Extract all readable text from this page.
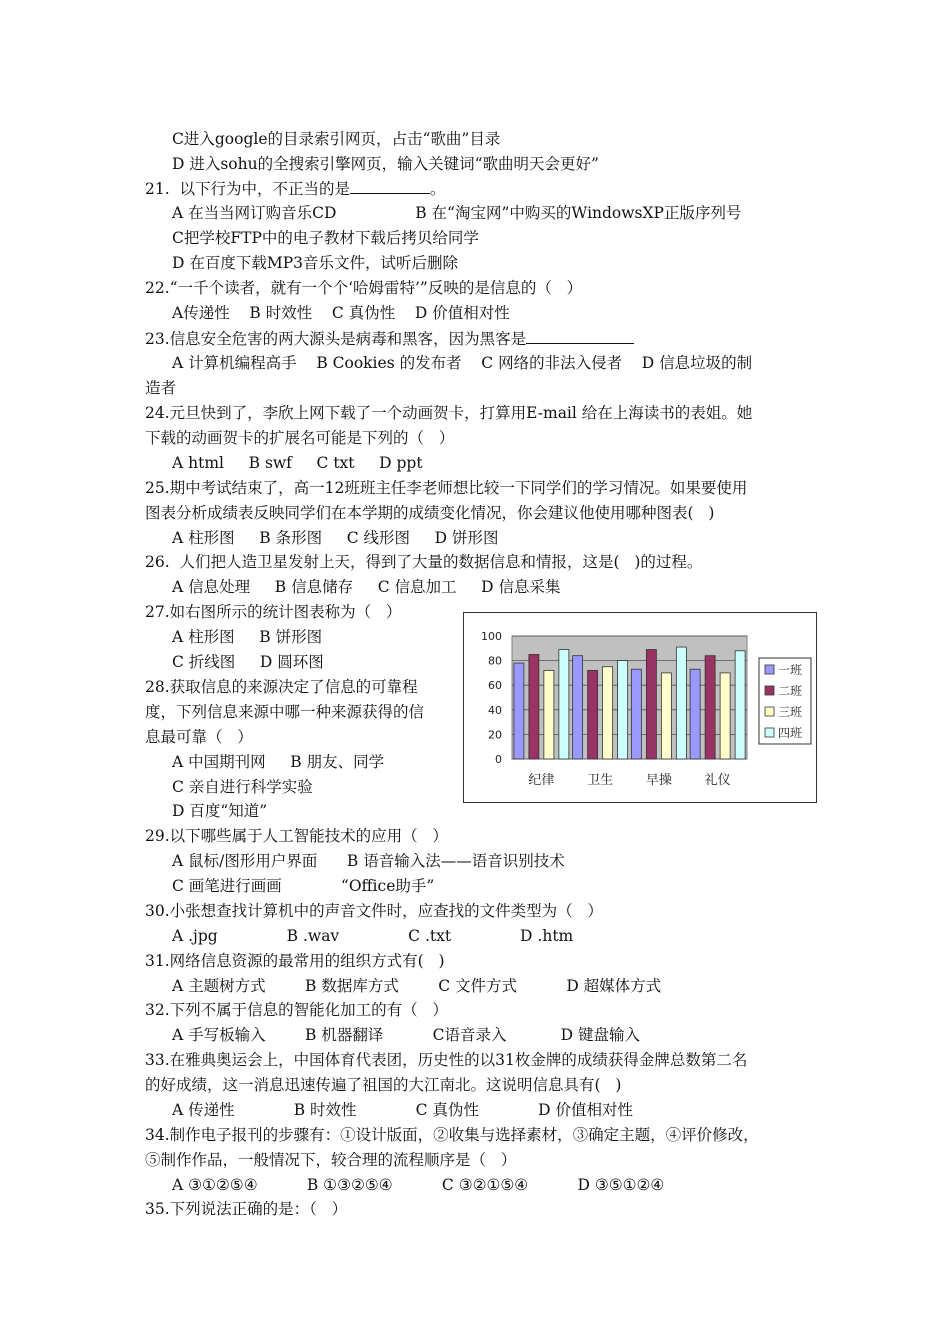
C进入google的目录索引网页，占击“歌曲”目录
D 进入sohu的全搜索引擎网页，输入关键词“歌曲明天会更好”
21.  以下行为中，不正当的是	。
A 在当当网订购音乐CD                B 在“淘宝网”中购买的WindowsXP正版序列号
C把学校FTP中的电子教材下载后拷贝给同学
D 在百度下载MP3音乐文件，试听后删除
22.“一千个读者，就有一个个‘哈姆雷特’”反映的是信息的（   ）
A传递性    B 时效性    C 真伪性    D 价值相对性
23.信息安全危害的两大源头是病毒和黑客，因为黑客是
A 计算机编程高手    B Cookies 的发布者    C 网络的非法入侵者    D 信息垃圾的制
造者
24.元旦快到了，李欣上网下载了一个动画贺卡，打算用E-mail 给在上海读书的表姐。她
下载的动画贺卡的扩展名可能是下列的（   ）
A html     B swf     C txt     D ppt
25.期中考试结束了，高一12班班主任李老师想比较一下同学们的学习情况。如果要使用
图表分析成绩表反映同学们在本学期的成绩变化情况，你会建议他使用哪种图表(   )
A 柱形图     B 条形图     C 线形图     D 饼形图
26.  人们把人造卫星发射上天，得到了大量的数据信息和情报，这是(   )的过程。
A 信息处理     B 信息储存     C 信息加工     D 信息采集
27.如右图所示的统计图表称为（   ）
A 柱形图     B 饼形图
C 折线图     D 圆环图
28.获取信息的来源决定了信息的可靠程
度，下列信息来源中哪一种来源获得的信
息最可靠（   ）
A 中国期刊网     B 朋友、同学
C 亲自进行科学实验
D 百度“知道”
29.以下哪些属于人工智能技术的应用（   ）
A 鼠标/图形用户界面      B 语音输入法——语音识别技术
C 画笔进行画画            “Office助手”
30.小张想查找计算机中的声音文件时，应查找的文件类型为（   ）
A .jpg              B .wav              C .txt              D .htm
31.网络信息资源的最常用的组织方式有(   )
A 主题树方式        B 数据库方式        C 文件方式          D 超媒体方式
32.下列不属于信息的智能化加工的有（   ）
A 手写板输入        B 机器翻译          C语音录入           D 键盘输入
33.在雅典奥运会上，中国体育代表团，历史性的以31枚金牌的成绩获得金牌总数第二名
的好成绩，这一消息迅速传遍了祖国的大江南北。这说明信息具有(   )
A 传递性            B 时效性            C 真伪性            D 价值相对性
34.制作电子报刊的步骤有：①设计版面，②收集与选择素材，③确定主题，④评价修改，
⑤制作作品，一般情况下，较合理的流程顺序是（   ）
A ③①②⑤④          B ①③②⑤④          C ③②①⑤④          D ③⑤①②④
35.下列说法正确的是：（   ）
0
20
40
60
80
100
纪律	卫生	早操	礼仪
一班
二班
三班
四班
